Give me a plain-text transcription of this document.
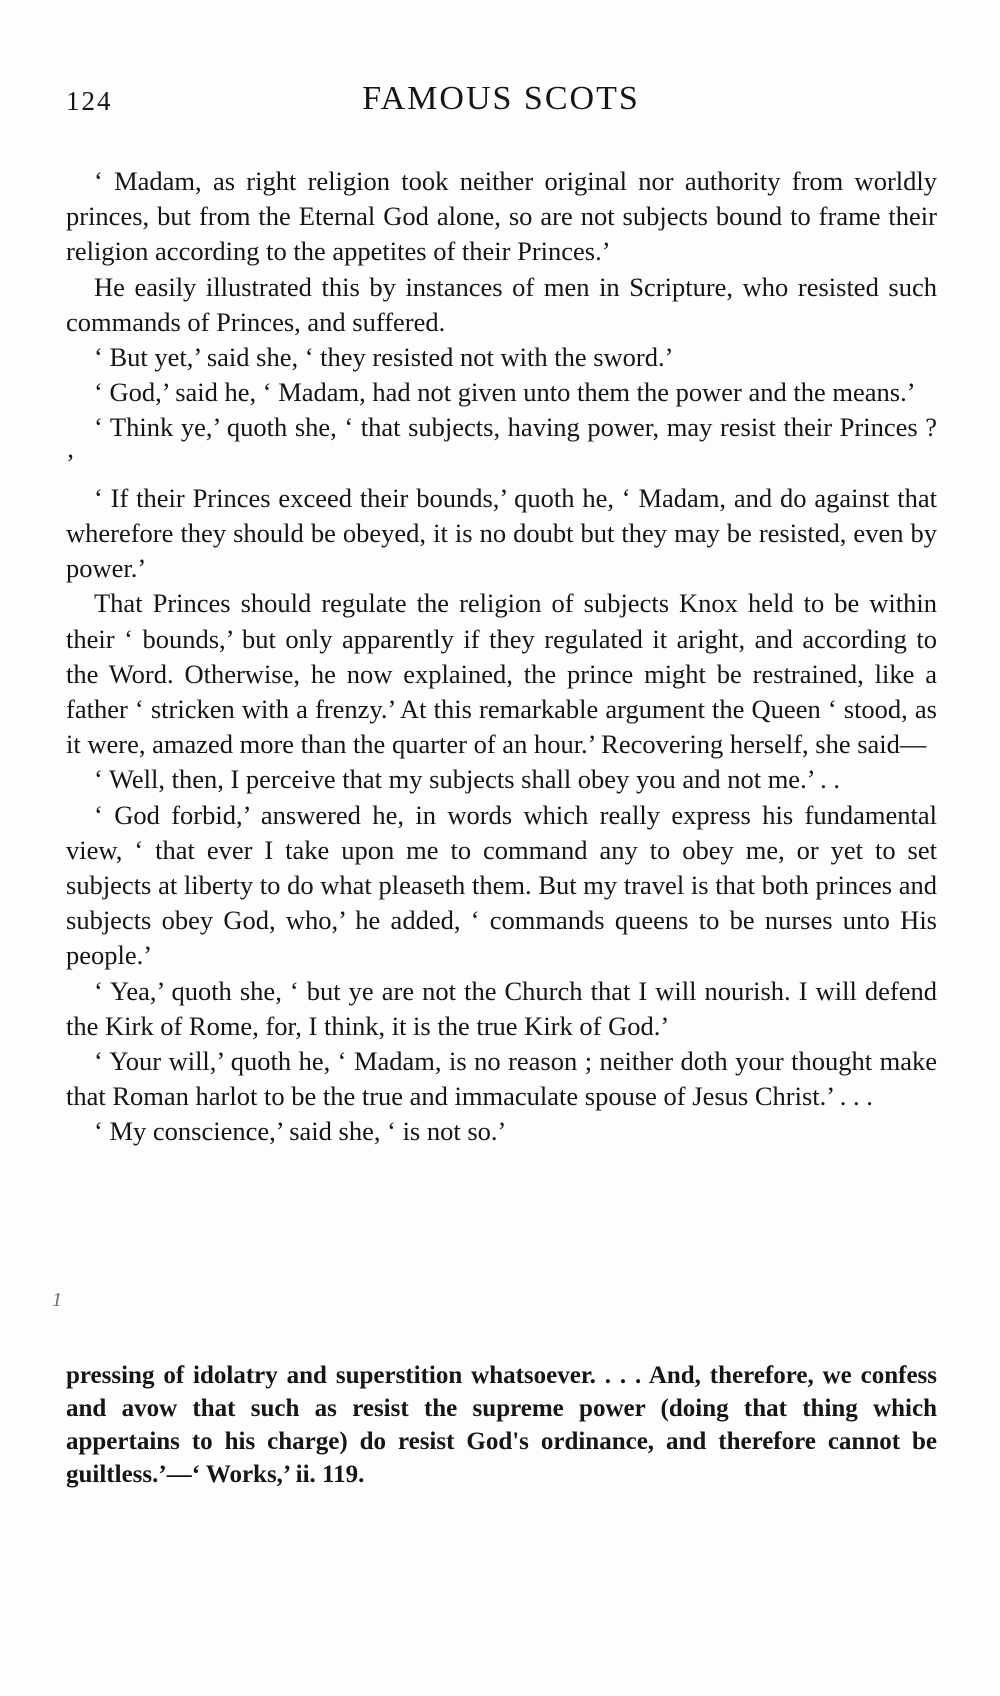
124	FAMOUS SCOTS

‘ Madam, as right religion took neither original nor authority from worldly princes, but from the Eternal God alone, so are not subjects bound to frame their religion according to the appetites of their Princes.’

He easily illustrated this by instances of men in Scripture, who resisted such commands of Princes, and suffered.

‘ But yet,’ said she, ‘ they resisted not with the sword.’

‘ God,’ said he, ‘ Madam, had not given unto them the power and the means.’

‘ Think ye,’ quoth she, ‘ that subjects, having power, may resist their Princes ? ’

‘ If their Princes exceed their bounds,’ quoth he, ‘ Madam, and do against that wherefore they should be obeyed, it is no doubt but they may be resisted, even by power.’

That Princes should regulate the religion of subjects Knox held to be within their ‘ bounds,’ but only apparently if they regulated it aright, and according to the Word. Otherwise, he now explained, the prince might be restrained, like a father ‘ stricken with a frenzy.’ At this remarkable argument the Queen ‘ stood, as it were, amazed more than the quarter of an hour.’ Recovering herself, she said—

‘ Well, then, I perceive that my subjects shall obey you and not me.’ . .

‘ God forbid,’ answered he, in words which really express his fundamental view, ‘ that ever I take upon me to command any to obey me, or yet to set subjects at liberty to do what pleaseth them. But my travel is that both princes and subjects obey God, who,’ he added, ‘ commands queens to be nurses unto His people.’

‘ Yea,’ quoth she, ‘ but ye are not the Church that I will nourish. I will defend the Kirk of Rome, for, I think, it is the true Kirk of God.’

‘ Your will,’ quoth he, ‘ Madam, is no reason ; neither doth your thought make that Roman harlot to be the true and immaculate spouse of Jesus Christ.’ . . .

‘ My conscience,’ said she, ‘ is not so.’

1

pressing of idolatry and superstition whatsoever. . . . And, therefore, we confess and avow that such as resist the supreme power (doing that thing which appertains to his charge) do resist God's ordinance, and therefore cannot be guiltless.’—‘ Works,’ ii. 119.
